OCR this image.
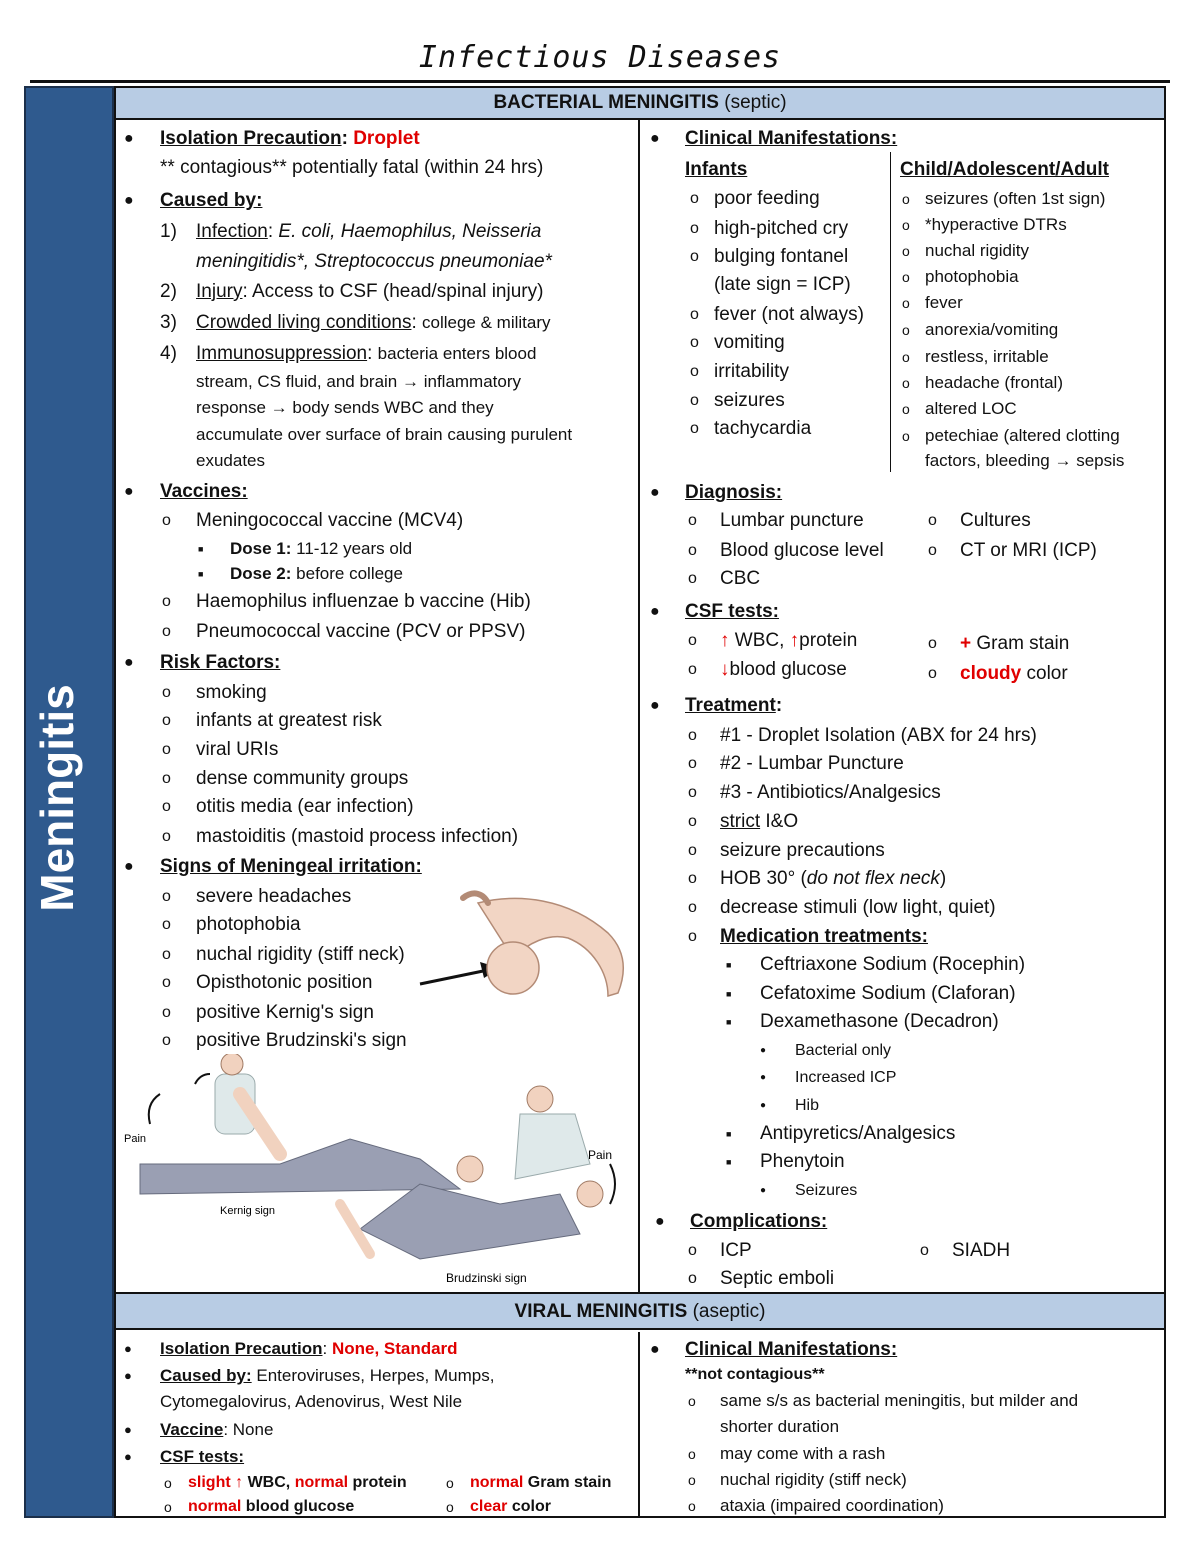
Infectious Diseases
Meningitis
BACTERIAL MENINGITIS (septic)
VIRAL MENINGITIS (aseptic)
● Isolation Precaution: Droplet
** contagious** potentially fatal (within 24 hrs)
● Caused by:
1) Infection: E. coli, Haemophilus, Neisseria
meningitidis*, Streptococcus pneumoniae*
2) Injury: Access to CSF (head/spinal injury)
3) Crowded living conditions: college & military
4) Immunosuppression: bacteria enters blood
stream, CS fluid, and brain → inflammatory
response → body sends WBC and they
accumulate over surface of brain causing purulent
exudates
● Vaccines:
o Meningococcal vaccine (MCV4)
■ Dose 1: 11-12 years old
■ Dose 2: before college
o Haemophilus influenzae b vaccine (Hib)
o Pneumococcal vaccine (PCV or PPSV)
● Risk Factors:
o smoking
o infants at greatest risk
o viral URIs
o dense community groups
o otitis media (ear infection)
o mastoiditis (mastoid process infection)
● Signs of Meningeal irritation:
o severe headaches
o photophobia
o nuchal rigidity (stiff neck)
o Opisthotonic position
o positive Kernig's sign
o positive Brudzinski's sign
Pain
Kernig sign
Pain
Brudzinski sign
● Clinical Manifestations:
Infants	Child/Adolescent/Adult
o poor feeding
o high-pitched cry
o bulging fontanel
(late sign = ICP)
o fever (not always)
o vomiting
o irritability
o seizures
o tachycardia
o seizures (often 1st sign)
o *hyperactive DTRs
o nuchal rigidity
o photophobia
o fever
o anorexia/vomiting
o restless, irritable
o headache (frontal)
o altered LOC
o petechiae (altered clotting
factors, bleeding → sepsis
● Diagnosis:
o Lumbar puncture
o Blood glucose level
o CBC
o Cultures
o CT or MRI (ICP)
● CSF tests:
o ↑ WBC, ↑protein
o ↓blood glucose
o + Gram stain
o cloudy color
● Treatment:
o #1 - Droplet Isolation (ABX for 24 hrs)
o #2 - Lumbar Puncture
o #3 - Antibiotics/Analgesics
o strict I&O
o seizure precautions
o HOB 30° (do not flex neck)
o decrease stimuli (low light, quiet)
o Medication treatments:
■ Ceftriaxone Sodium (Rocephin)
■ Cefatoxime Sodium (Claforan)
■ Dexamethasone (Decadron)
● Bacterial only
● Increased ICP
● Hib
■ Antipyretics/Analgesics
■ Phenytoin
● Seizures
● Complications:
o ICP
o Septic emboli
o SIADH
● Isolation Precaution: None, Standard
● Caused by: Enteroviruses, Herpes, Mumps,
Cytomegalovirus, Adenovirus, West Nile
● Vaccine: None
● CSF tests:
o slight ↑ WBC, normal protein
o normal blood glucose
o normal Gram stain
o clear color
● Clinical Manifestations:
**not contagious**
o same s/s as bacterial meningitis, but milder and
shorter duration
o may come with a rash
o nuchal rigidity (stiff neck)
o ataxia (impaired coordination)
